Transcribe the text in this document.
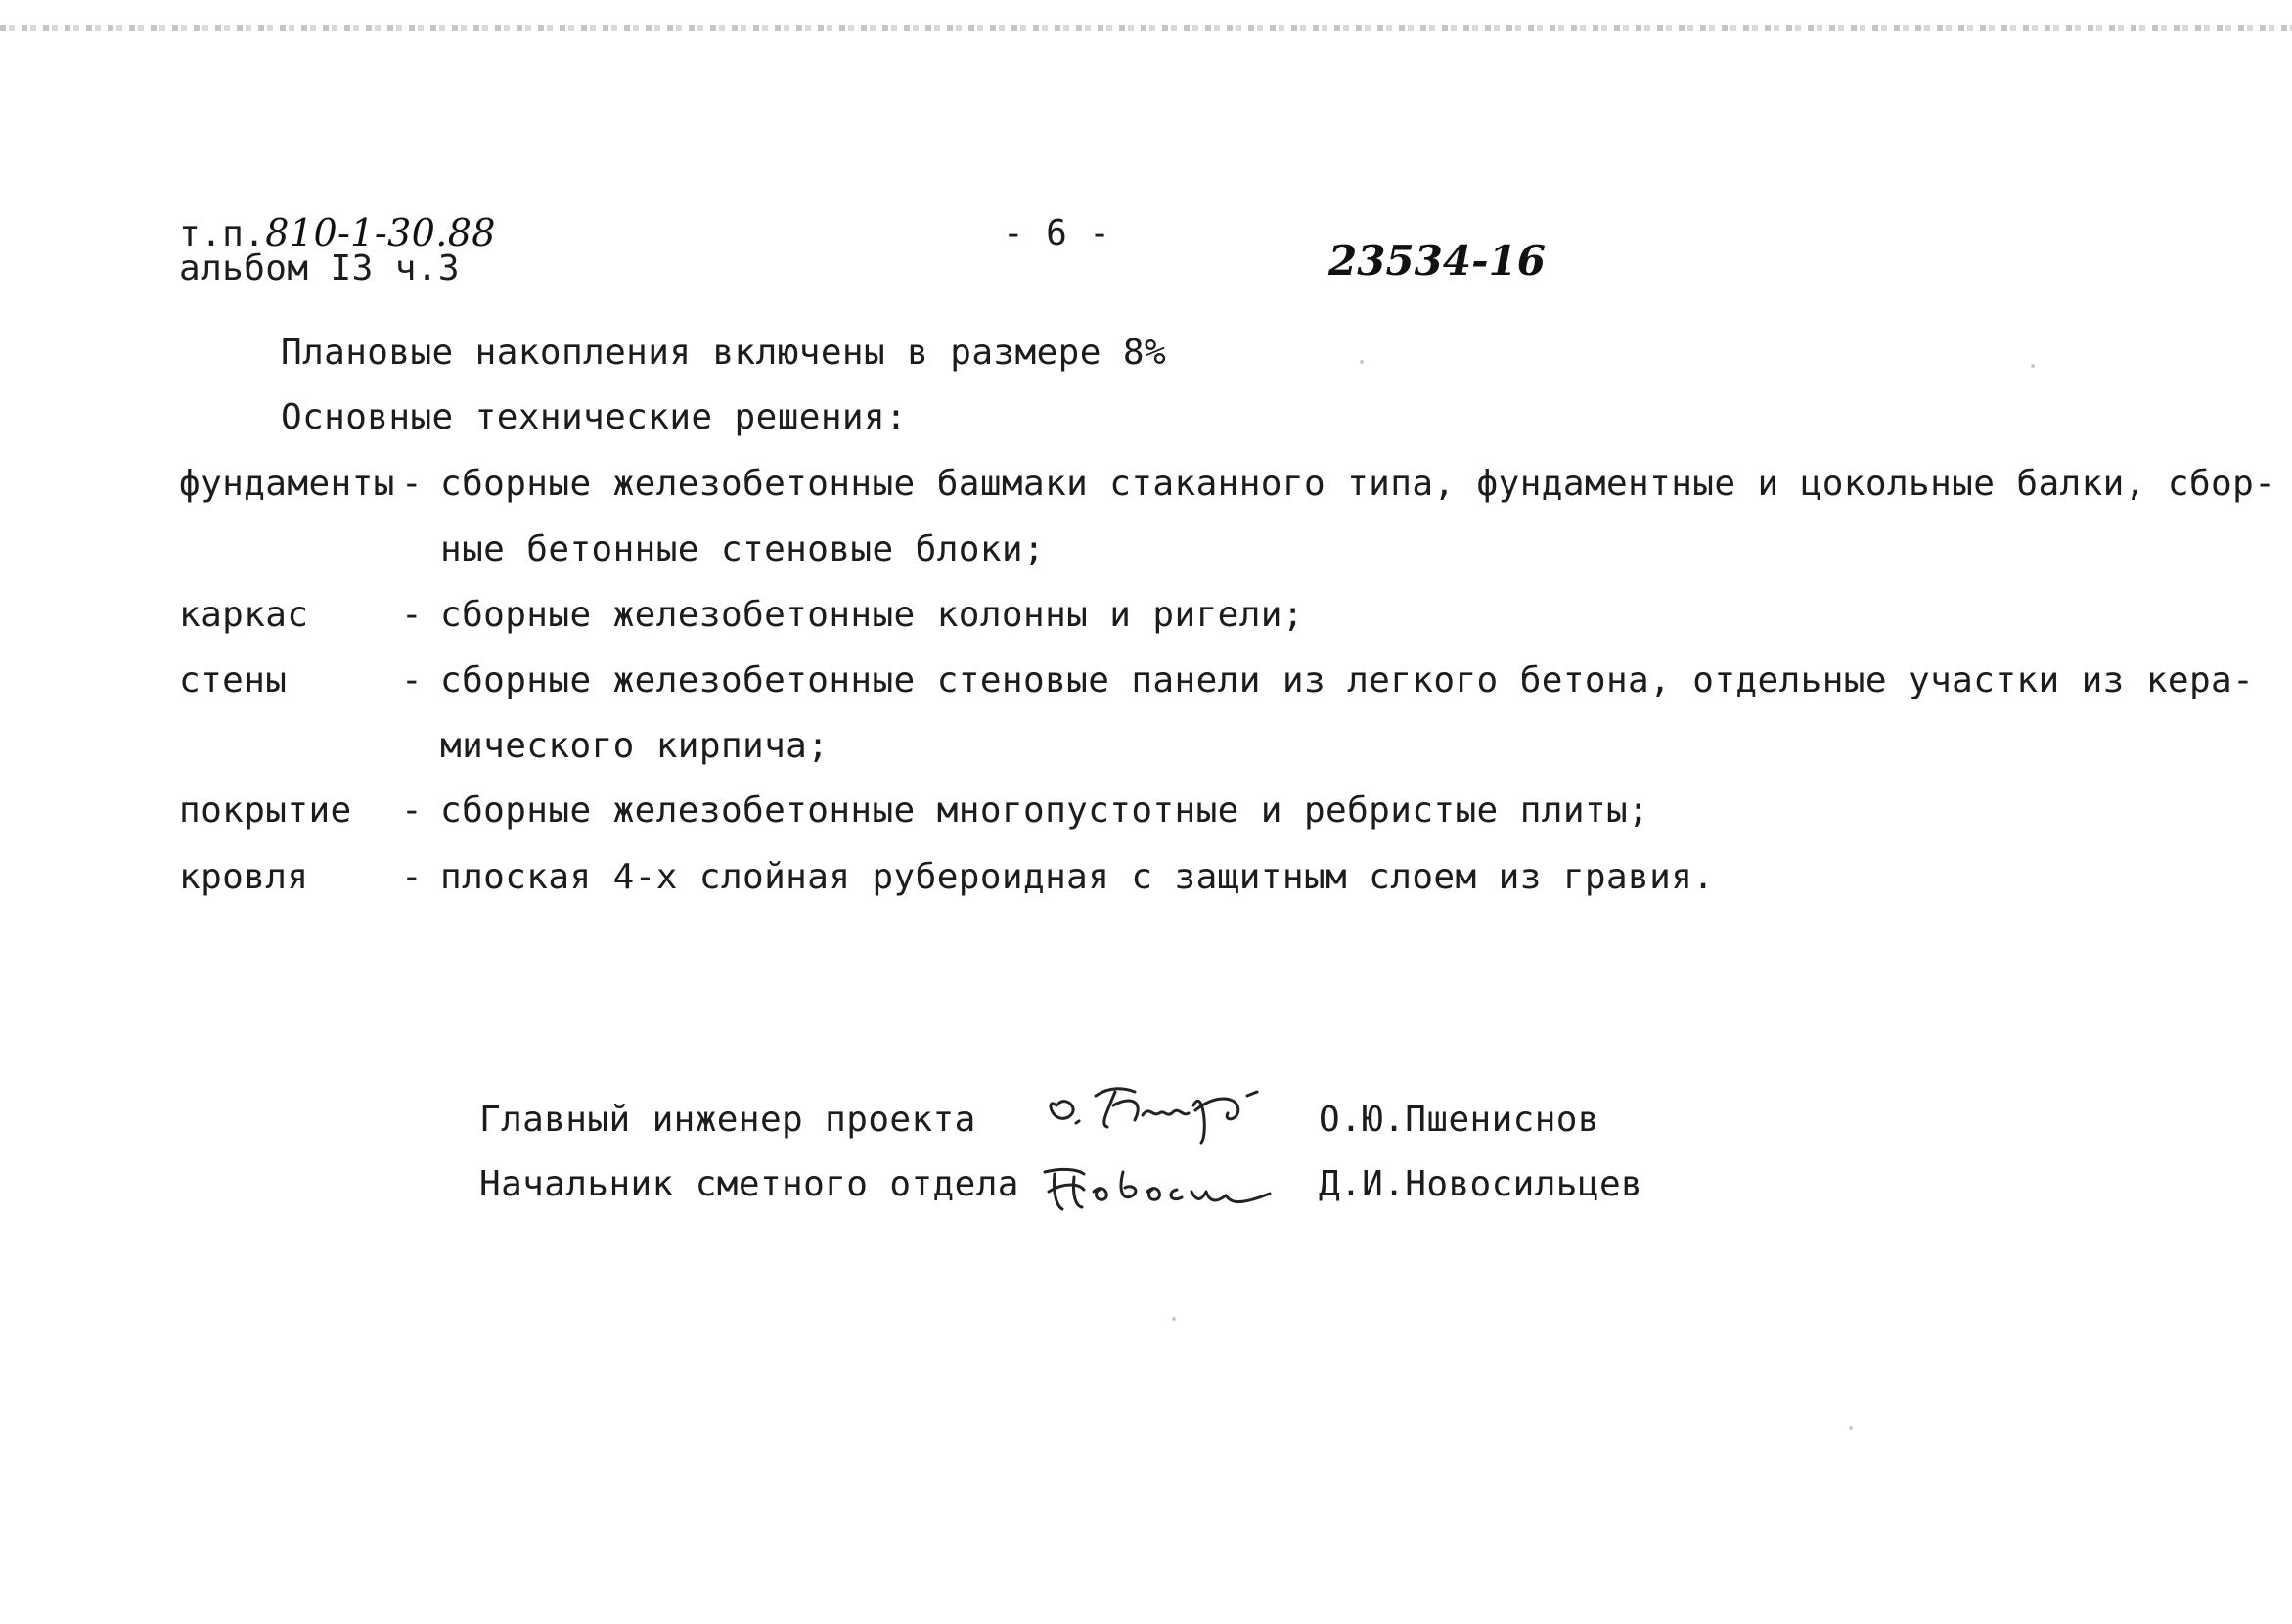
т.п.810-1-30.88
альбом I3 ч.3
- 6 -
23534-16
Плановые накопления включены в размере 8%
Основные технические решения:
фундаменты - сборные железобетонные башмаки стаканного типа, фундаментные и цокольные балки, сбор-
ные бетонные стеновые блоки;
каркас	- сборные железобетонные колонны и ригели;
стены	- сборные железобетонные стеновые панели из легкого бетона, отдельные участки из кера-
мического кирпича;
покрытие - сборные железобетонные многопустотные и ребристые плиты;
кровля	- плоская 4-х слойная рубероидная с защитным слоем из гравия.
Главный инженер проекта	О.Ю.Пшениснов
Начальник сметного отдела	Д.И.Новосильцев
